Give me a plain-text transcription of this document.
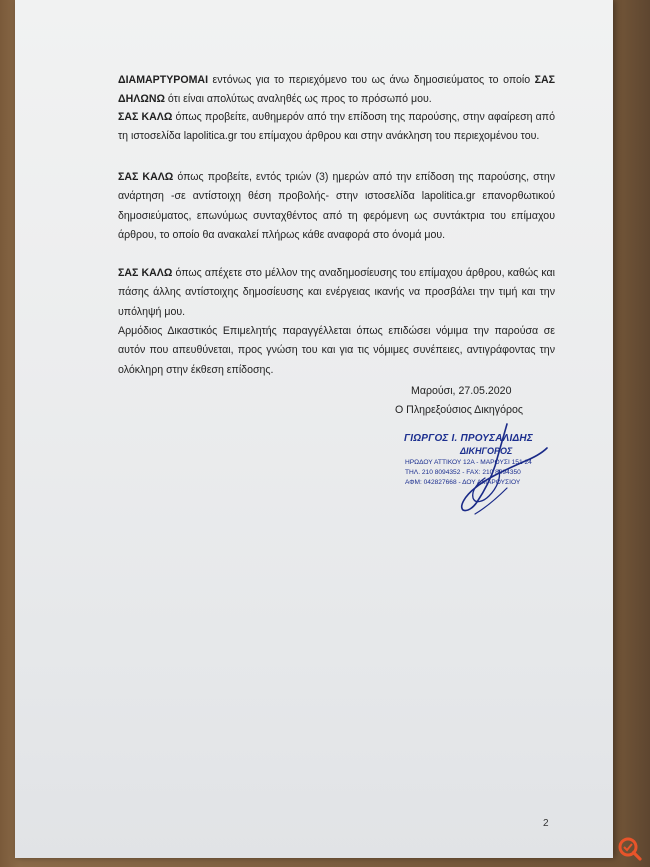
ΔΙΑΜΑΡΤΥΡΟΜΑΙ εντόνως για το περιεχόμενο του ως άνω δημοσιεύματος το οποίο ΣΑΣ ΔΗΛΩΝΩ ότι είναι απολύτως αναληθές ως προς το πρόσωπό μου.

ΣΑΣ ΚΑΛΩ όπως προβείτε, αυθημερόν από την επίδοση της παρούσης, στην αφαίρεση από τη ιστοσελίδα lapolitica.gr του επίμαχου άρθρου και στην ανάκληση του περιεχομένου του.

ΣΑΣ ΚΑΛΩ όπως προβείτε, εντός τριών (3) ημερών από την επίδοση της παρούσης, στην ανάρτηση -σε αντίστοιχη θέση προβολής- στην ιστοσελίδα lapolitica.gr επανορθωτικού δημοσιεύματος, επωνύμως συνταχθέντος από τη φερόμενη ως συντάκτρια του επίμαχου άρθρου, το οποίο θα ανακαλεί πλήρως κάθε αναφορά στο όνομά μου.

ΣΑΣ ΚΑΛΩ όπως απέχετε στο μέλλον της αναδημοσίευσης του επίμαχου άρθρου, καθώς και πάσης άλλης αντίστοιχης δημοσίευσης και ενέργειας ικανής να προσβάλει την τιμή και την υπόληψή μου.

Αρμόδιος Δικαστικός Επιμελητής παραγγέλλεται όπως επιδώσει νόμιμα την παρούσα σε αυτόν που απευθύνεται, προς γνώση του και για τις νόμιμες συνέπειες, αντιγράφοντας την ολόκληρη στην έκθεση επίδοσης.

Μαρούσι, 27.05.2020
Ο Πληρεξούσιος Δικηγόρος
ΓΙΩΡΓΟΣ Ι. ΠΡΟΥΣΑΛΙΔΗΣ
ΔΙΚΗΓΟΡΟΣ
ΗΡΩΔΟΥ ΑΤΤΙΚΟΥ 12Α - ΜΑΡΟΥΣΙ 151 24
ΤΗΛ. 210 8094352 - FAX: 210 8094350
ΑΦΜ: 042827668 - ΔΟΥ ΑΜΑΡΟΥΣΙΟΥ
2
